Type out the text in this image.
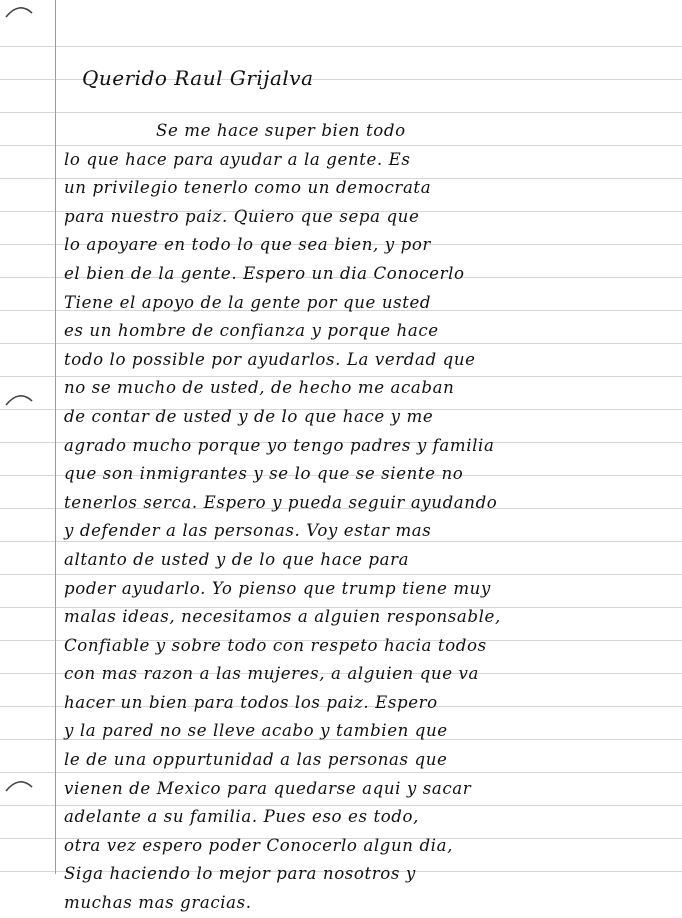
Querido Raul Grijalva
Se me hace super bien todo
lo que hace para ayudar a la gente. Es
un privilegio tenerlo como un democrata
para nuestro paiz. Quiero que sepa que
lo apoyare en todo lo que sea bien, y por
el bien de la gente. Espero un dia Conocerlo
Tiene el apoyo de la gente por que usted
es un hombre de confianza y porque hace
todo lo possible por ayudarlos. La verdad que
no se mucho de usted, de hecho me acaban
de contar de usted y de lo que hace y me
agrado mucho porque yo tengo padres y familia
que son inmigrantes y se lo que se siente no
tenerlos serca. Espero y pueda seguir ayudando
y defender a las personas. Voy estar mas
altanto de usted y de lo que hace para
poder ayudarlo. Yo pienso que trump tiene muy
malas ideas, necesitamos a alguien responsable,
Confiable y sobre todo con respeto hacia todos
con mas razon a las mujeres, a alguien que va
hacer un bien para todos los paiz. Espero
y la pared no se lleve acabo y tambien que
le de una oppurtunidad a las personas que
vienen de Mexico para quedarse aqui y sacar
adelante a su familia. Pues eso es todo,
otra vez espero poder Conocerlo algun dia,
Siga haciendo lo mejor para nosotros y
muchas mas gracias.
